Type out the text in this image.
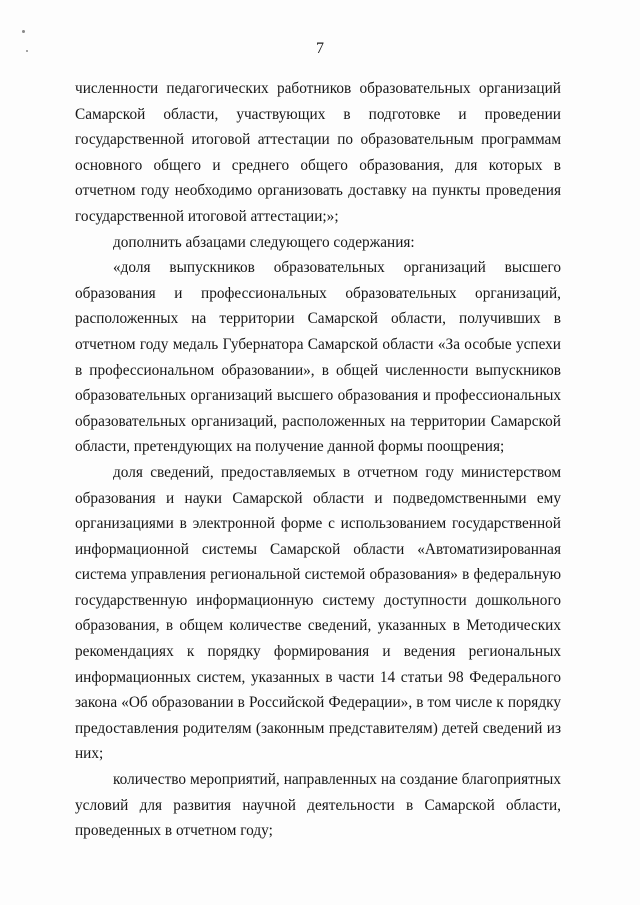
7

численности педагогических работников образовательных организаций Самарской области, участвующих в подготовке и проведении государственной итоговой аттестации по образовательным программам основного общего и среднего общего образования, для которых в отчетном году необходимо организовать доставку на пункты проведения государственной итоговой аттестации;»;

дополнить абзацами следующего содержания:

«доля выпускников образовательных организаций высшего образования и профессиональных образовательных организаций, расположенных на территории Самарской области, получивших в отчетном году медаль Губернатора Самарской области «За особые успехи в профессиональном образовании», в общей численности выпускников образовательных организаций высшего образования и профессиональных образовательных организаций, расположенных на территории Самарской области, претендующих на получение данной формы поощрения;

доля сведений, предоставляемых в отчетном году министерством образования и науки Самарской области и подведомственными ему организациями в электронной форме с использованием государственной информационной системы Самарской области «Автоматизированная система управления региональной системой образования» в федеральную государственную информационную систему доступности дошкольного образования, в общем количестве сведений, указанных в Методических рекомендациях к порядку формирования и ведения региональных информационных систем, указанных в части 14 статьи 98 Федерального закона «Об образовании в Российской Федерации», в том числе к порядку предоставления родителям (законным представителям) детей сведений из них;

количество мероприятий, направленных на создание благоприятных условий для развития научной деятельности в Самарской области, проведенных в отчетном году;
